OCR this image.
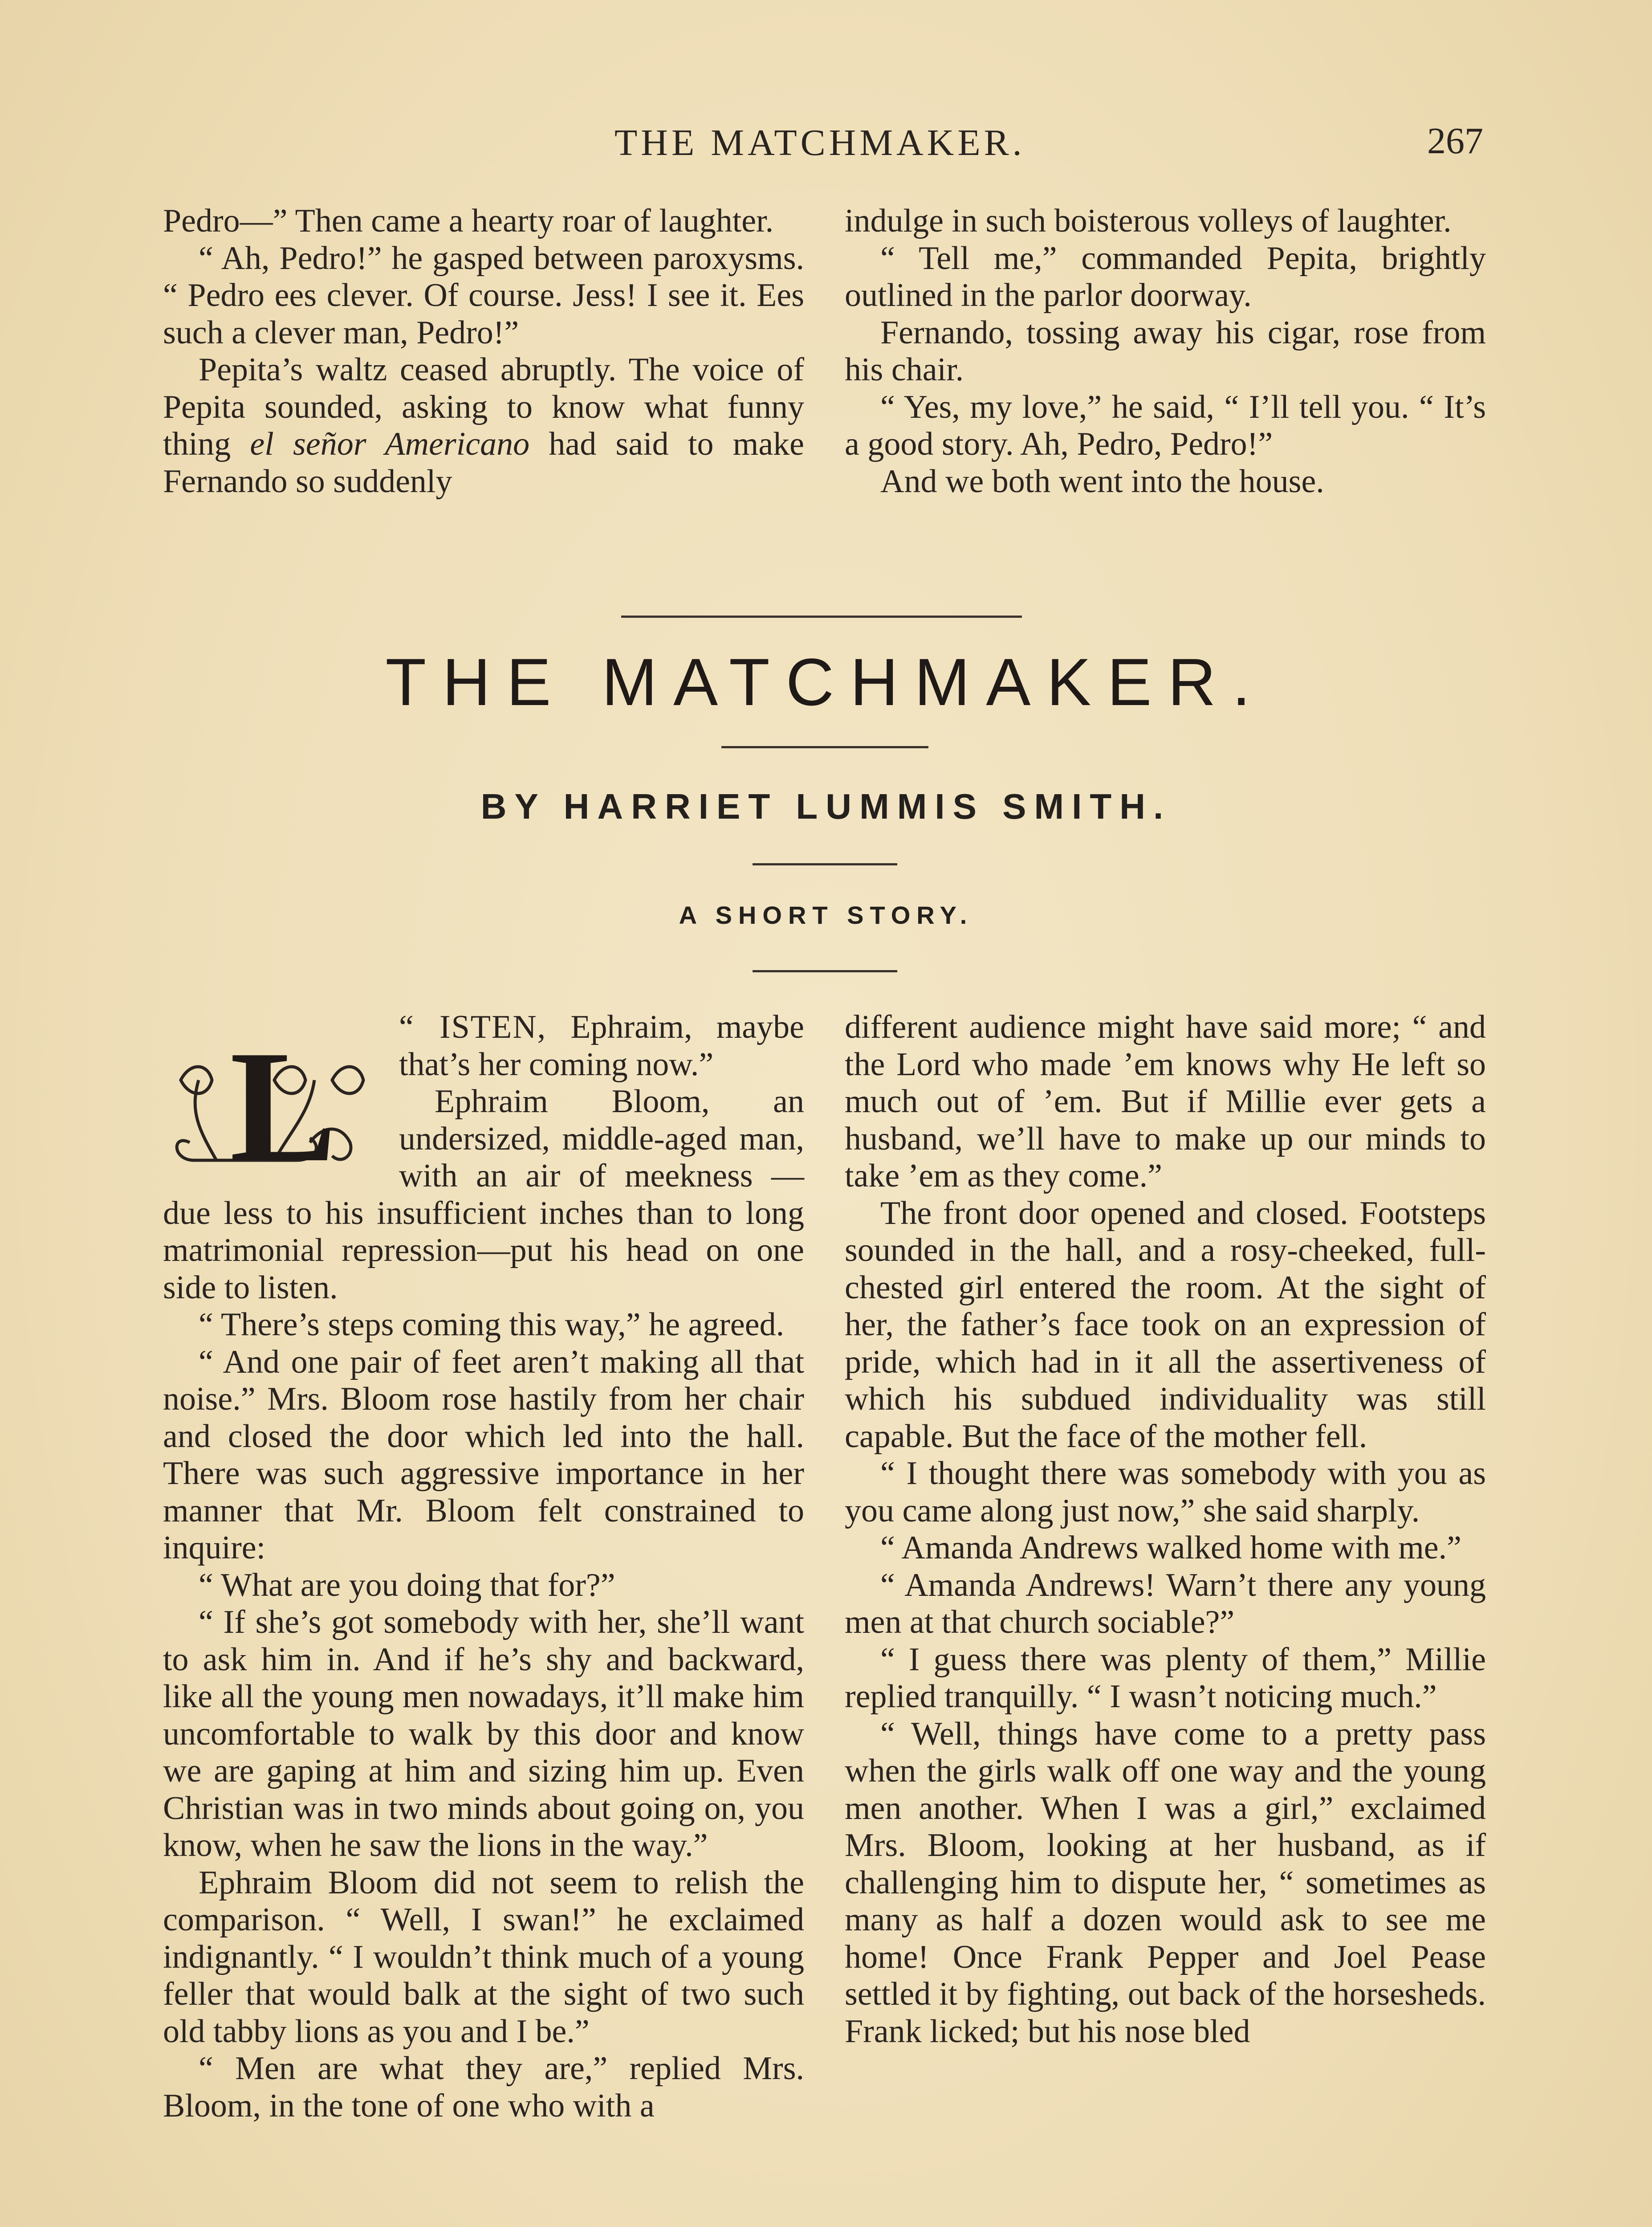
THE MATCHMAKER.	267

Pedro—” Then came a hearty roar of laughter.

“ Ah, Pedro!” he gasped between paroxysms. “ Pedro ees clever. Of course. Jess! I see it. Ees such a clever man, Pedro!”

Pepita’s waltz ceased abruptly. The voice of Pepita sounded, asking to know what funny thing el señor Americano had said to make Fernando so suddenly

indulge in such boisterous volleys of laughter.

“ Tell me,” commanded Pepita, brightly outlined in the parlor doorway.

Fernando, tossing away his cigar, rose from his chair.

“ Yes, my love,” he said, “ I’ll tell you. “ It’s a good story. Ah, Pedro, Pedro!”

And we both went into the house.

THE MATCHMAKER.
BY HARRIET LUMMIS SMITH.
A SHORT STORY.
L	“ ISTEN, Ephraim, maybe that’s her coming now.”

Ephraim Bloom, an undersized, middle-aged man, with an air of meekness — due less to his insufficient inches than to long matrimonial repression—put his head on one side to listen.

“ There’s steps coming this way,” he agreed.

“ And one pair of feet aren’t making all that noise.” Mrs. Bloom rose hastily from her chair and closed the door which led into the hall. There was such aggressive importance in her manner that Mr. Bloom felt constrained to inquire:

“ What are you doing that for?”

“ If she’s got somebody with her, she’ll want to ask him in. And if he’s shy and backward, like all the young men nowadays, it’ll make him uncomfortable to walk by this door and know we are gaping at him and sizing him up. Even Christian was in two minds about going on, you know, when he saw the lions in the way.”

Ephraim Bloom did not seem to relish the comparison. “ Well, I swan!” he exclaimed indignantly. “ I wouldn’t think much of a young feller that would balk at the sight of two such old tabby lions as you and I be.”

“ Men are what they are,” replied Mrs. Bloom, in the tone of one who with a

different audience might have said more; “ and the Lord who made ’em knows why He left so much out of ’em. But if Millie ever gets a husband, we’ll have to make up our minds to take ’em as they come.”

The front door opened and closed. Footsteps sounded in the hall, and a rosy-cheeked, full-chested girl entered the room. At the sight of her, the father’s face took on an expression of pride, which had in it all the assertiveness of which his subdued individuality was still capable. But the face of the mother fell.

“ I thought there was somebody with you as you came along just now,” she said sharply.

“ Amanda Andrews walked home with me.”

“ Amanda Andrews! Warn’t there any young men at that church sociable?”

“ I guess there was plenty of them,” Millie replied tranquilly. “ I wasn’t noticing much.”

“ Well, things have come to a pretty pass when the girls walk off one way and the young men another. When I was a girl,” exclaimed Mrs. Bloom, looking at her husband, as if challenging him to dispute her, “ sometimes as many as half a dozen would ask to see me home! Once Frank Pepper and Joel Pease settled it by fighting, out back of the horsesheds. Frank licked; but his nose bled
